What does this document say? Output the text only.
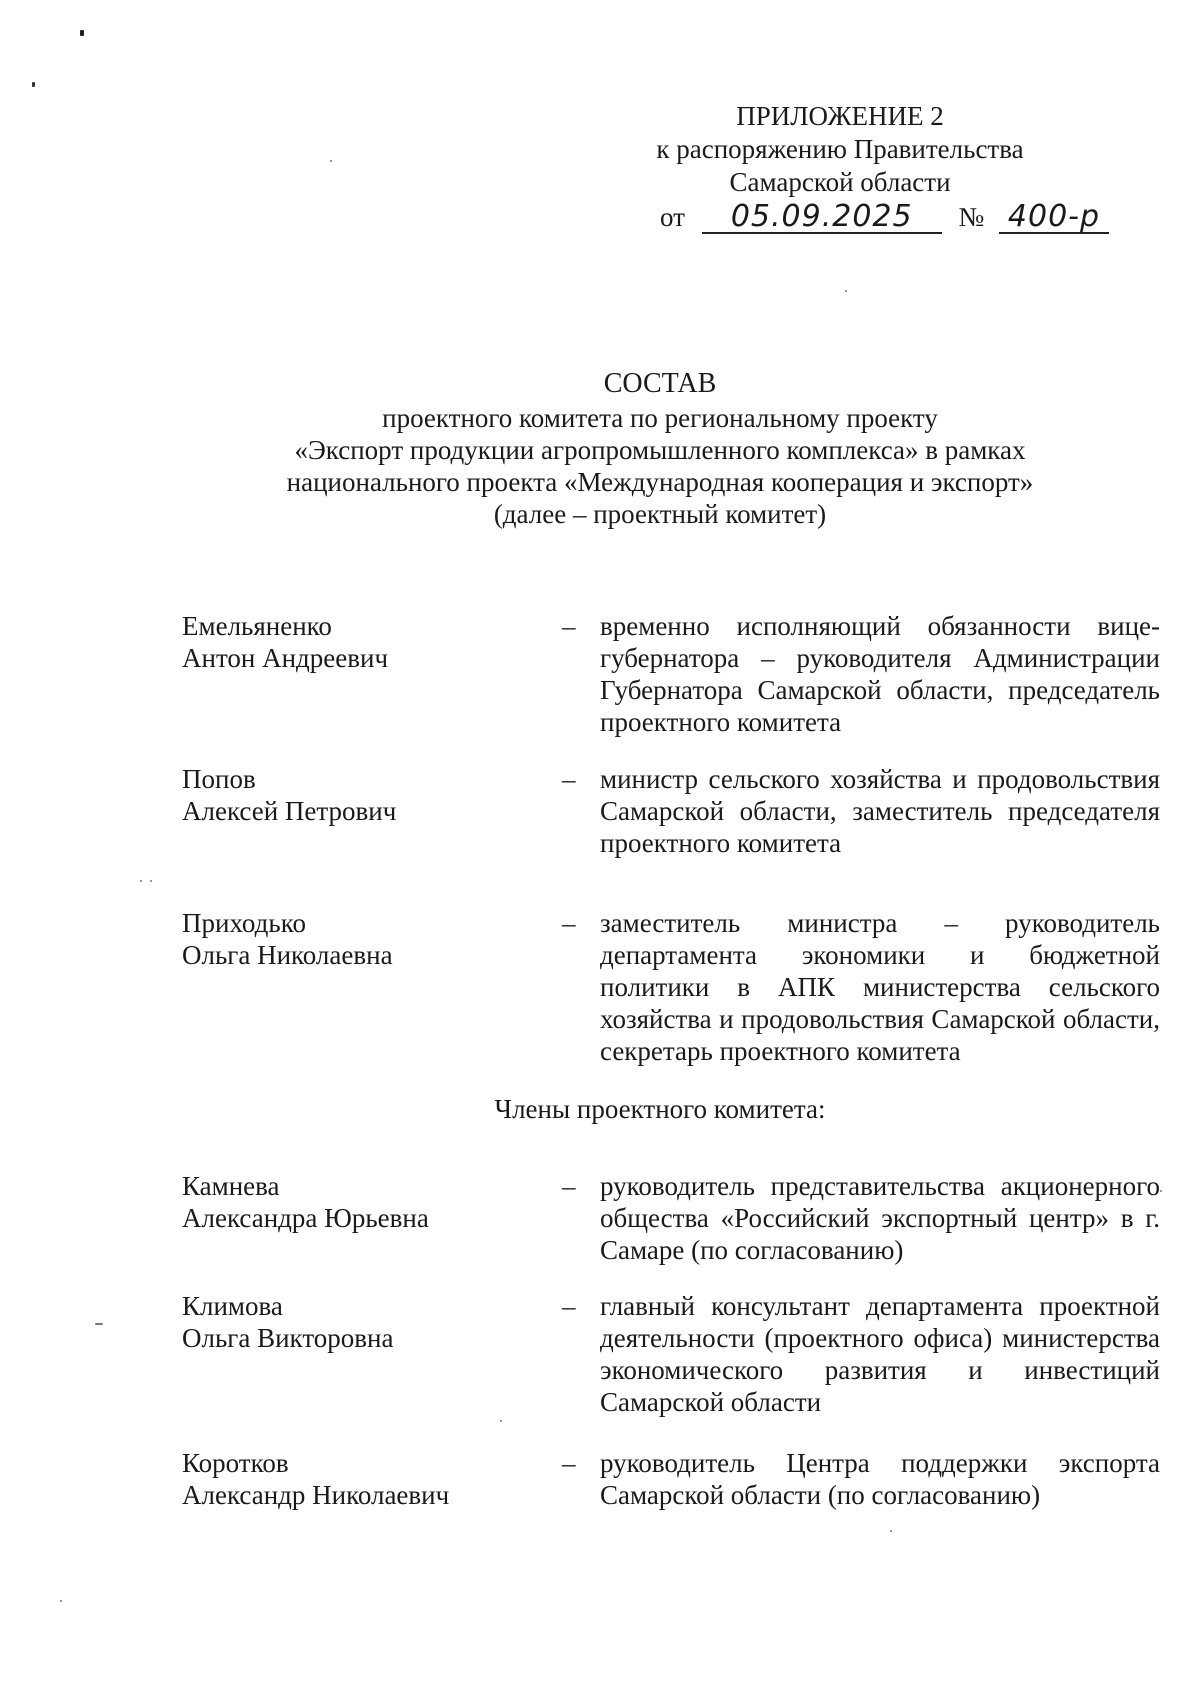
ПРИЛОЖЕНИЕ 2
к распоряжению Правительства
Самарской области
от 05.09.2025 № 400-р
СОСТАВ
проектного комитета по региональному проекту
«Экспорт продукции агропромышленного комплекса» в рамках
национального проекта «Международная кооперация и экспорт»
(далее – проектный комитет)
Емельяненко
Антон Андреевич
– временно исполняющий обязанности вице-губернатора – руководителя Администрации Губернатора Самарской области, председатель проектного комитета
Попов
Алексей Петрович
– министр сельского хозяйства и продовольствия Самарской области, заместитель председателя проектного комитета
Приходько
Ольга Николаевна
– заместитель министра – руководитель департамента экономики и бюджетной политики в АПК министерства сельского хозяйства и продовольствия Самарской области, секретарь проектного комитета
Члены проектного комитета:
Камнева
Александра Юрьевна
– руководитель представительства акционерного общества «Российский экспортный центр» в г. Самаре (по согласованию)
Климова
Ольга Викторовна
– главный консультант департамента проектной деятельности (проектного офиса) министерства экономического развития и инвестиций Самарской области
Коротков
Александр Николаевич
– руководитель Центра поддержки экспорта Самарской области (по согласованию)
